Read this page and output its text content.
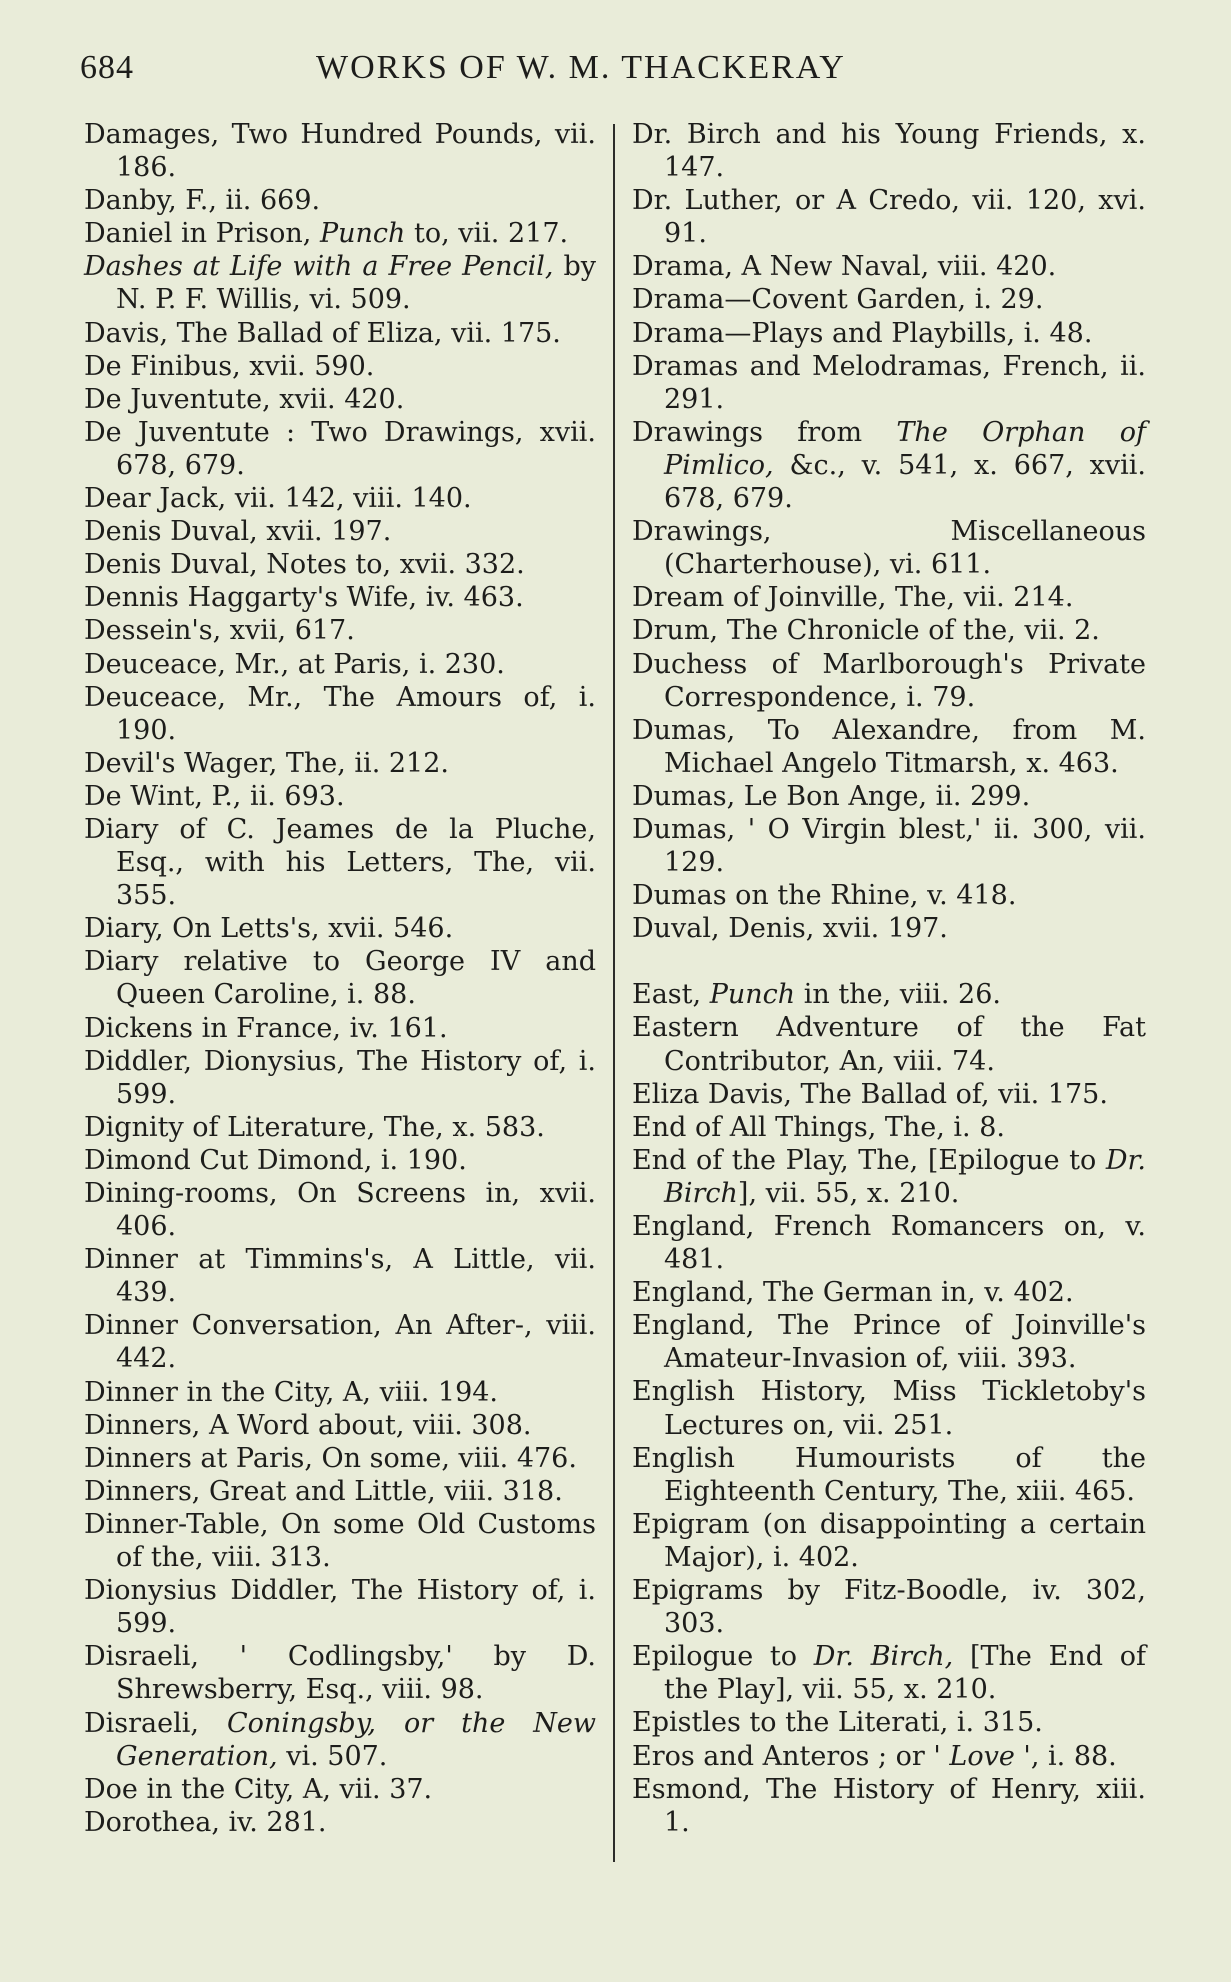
684	WORKS OF W. M. THACKERAY
Damages, Two Hundred Pounds, vii. 186.
Danby, F., ii. 669.
Daniel in Prison, Punch to, vii. 217.
Dashes at Life with a Free Pencil, by N. P. F. Willis, vi. 509.
Davis, The Ballad of Eliza, vii. 175.
De Finibus, xvii. 590.
De Juventute, xvii. 420.
De Juventute : Two Drawings, xvii. 678, 679.
Dear Jack, vii. 142, viii. 140.
Denis Duval, xvii. 197.
Denis Duval, Notes to, xvii. 332.
Dennis Haggarty's Wife, iv. 463.
Dessein's, xvii, 617.
Deuceace, Mr., at Paris, i. 230.
Deuceace, Mr., The Amours of, i. 190.
Devil's Wager, The, ii. 212.
De Wint, P., ii. 693.
Diary of C. Jeames de la Pluche, Esq., with his Letters, The, vii. 355.
Diary, On Letts's, xvii. 546.
Diary relative to George IV and Queen Caroline, i. 88.
Dickens in France, iv. 161.
Diddler, Dionysius, The History of, i. 599.
Dignity of Literature, The, x. 583.
Dimond Cut Dimond, i. 190.
Dining-rooms, On Screens in, xvii. 406.
Dinner at Timmins's, A Little, vii. 439.
Dinner Conversation, An After-, viii. 442.
Dinner in the City, A, viii. 194.
Dinners, A Word about, viii. 308.
Dinners at Paris, On some, viii. 476.
Dinners, Great and Little, viii. 318.
Dinner-Table, On some Old Customs of the, viii. 313.
Dionysius Diddler, The History of, i. 599.
Disraeli, ' Codlingsby,' by D. Shrewsberry, Esq., viii. 98.
Disraeli, Coningsby, or the New Generation, vi. 507.
Doe in the City, A, vii. 37.
Dorothea, iv. 281.
Dr. Birch and his Young Friends, x. 147.
Dr. Luther, or A Credo, vii. 120, xvi. 91.
Drama, A New Naval, viii. 420.
Drama—Covent Garden, i. 29.
Drama—Plays and Playbills, i. 48.
Dramas and Melodramas, French, ii. 291.
Drawings from The Orphan of Pimlico, &c., v. 541, x. 667, xvii. 678, 679.
Drawings, Miscellaneous (Charterhouse), vi. 611.
Dream of Joinville, The, vii. 214.
Drum, The Chronicle of the, vii. 2.
Duchess of Marlborough's Private Correspondence, i. 79.
Dumas, To Alexandre, from M. Michael Angelo Titmarsh, x. 463.
Dumas, Le Bon Ange, ii. 299.
Dumas, ' O Virgin blest,' ii. 300, vii. 129.
Dumas on the Rhine, v. 418.
Duval, Denis, xvii. 197.
East, Punch in the, viii. 26.
Eastern Adventure of the Fat Contributor, An, viii. 74.
Eliza Davis, The Ballad of, vii. 175.
End of All Things, The, i. 8.
End of the Play, The, [Epilogue to Dr. Birch], vii. 55, x. 210.
England, French Romancers on, v. 481.
England, The German in, v. 402.
England, The Prince of Joinville's Amateur-Invasion of, viii. 393.
English History, Miss Tickletoby's Lectures on, vii. 251.
English Humourists of the Eighteenth Century, The, xiii. 465.
Epigram (on disappointing a certain Major), i. 402.
Epigrams by Fitz-Boodle, iv. 302, 303.
Epilogue to Dr. Birch, [The End of the Play], vii. 55, x. 210.
Epistles to the Literati, i. 315.
Eros and Anteros ; or ' Love ', i. 88.
Esmond, The History of Henry, xiii. 1.
